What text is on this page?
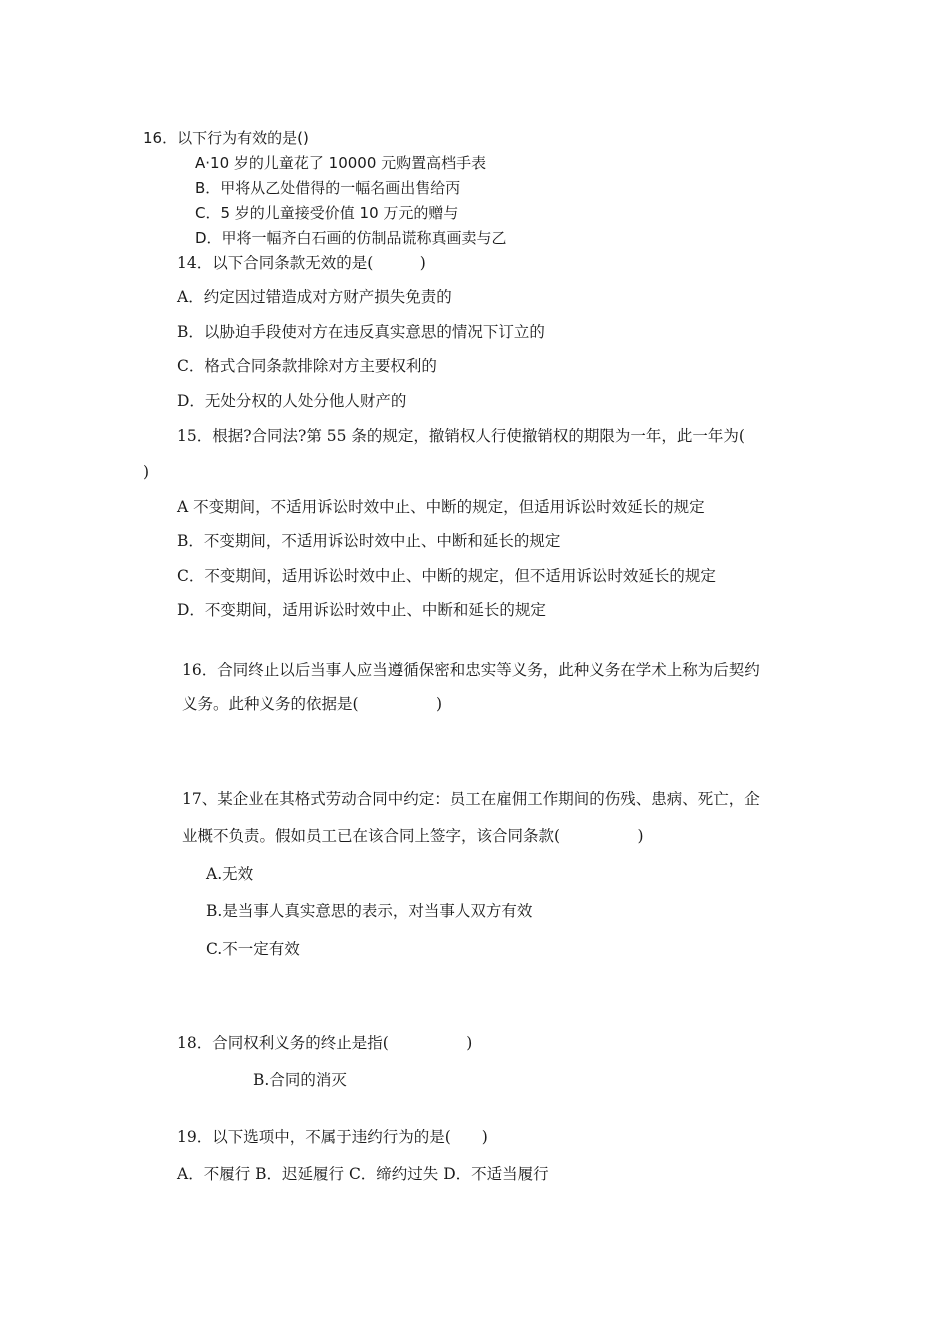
16．以下行为有效的是()
A·10 岁的儿童花了 10000 元购置高档手表
B．甲将从乙处借得的一幅名画出售给丙
C．5 岁的儿童接受价值 10 万元的赠与
D．甲将一幅齐白石画的仿制品谎称真画卖与乙
14．以下合同条款无效的是(　　　)
A．约定因过错造成对方财产损失免责的
B．以胁迫手段使对方在违反真实意思的情况下订立的
C．格式合同条款排除对方主要权利的
D．无处分权的人处分他人财产的
15．根据?合同法?第 55 条的规定，撤销权人行使撤销权的期限为一年，此一年为(
)
A 不变期间，不适用诉讼时效中止、中断的规定，但适用诉讼时效延长的规定
B．不变期间，不适用诉讼时效中止、中断和延长的规定
C．不变期间，适用诉讼时效中止、中断的规定，但不适用诉讼时效延长的规定
D．不变期间，适用诉讼时效中止、中断和延长的规定
16．合同终止以后当事人应当遵循保密和忠实等义务，此种义务在学术上称为后契约
义务。此种义务的依据是(　　　　　)
17、某企业在其格式劳动合同中约定：员工在雇佣工作期间的伤残、患病、死亡，企
业概不负责。假如员工已在该合同上签字，该合同条款(　　　　　)
A.无效
B.是当事人真实意思的表示，对当事人双方有效
C.不一定有效
18．合同权利义务的终止是指(　　　　　)
B.合同的消灭
19．以下选项中，不属于违约行为的是(　　)
A．不履行 B．迟延履行 C．缔约过失 D．不适当履行
